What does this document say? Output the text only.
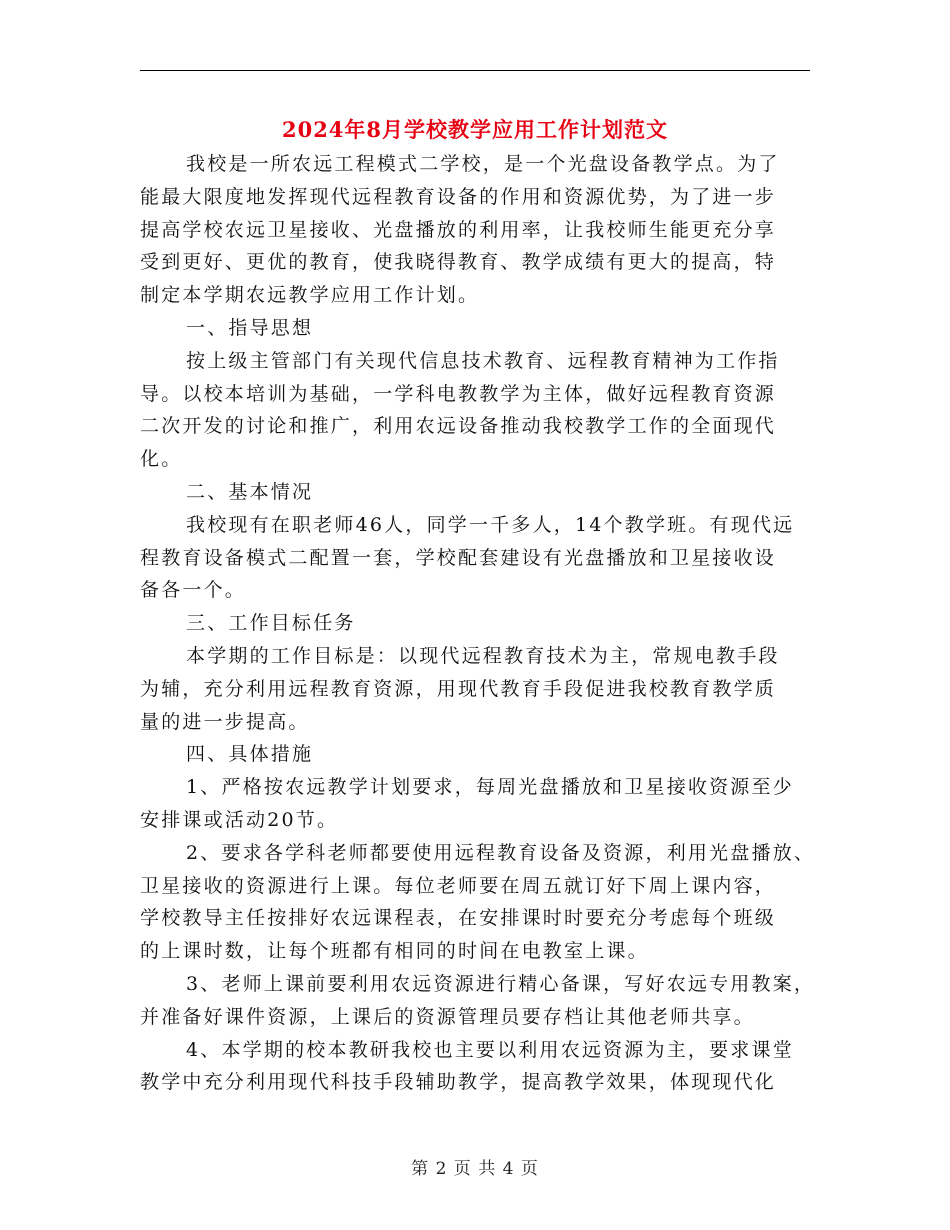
2024年8月学校教学应用工作计划范文
我校是一所农远工程模式二学校，是一个光盘设备教学点。为了
能最大限度地发挥现代远程教育设备的作用和资源优势，为了进一步
提高学校农远卫星接收、光盘播放的利用率，让我校师生能更充分享
受到更好、更优的教育，使我晓得教育、教学成绩有更大的提高，特
制定本学期农远教学应用工作计划。
一、指导思想
按上级主管部门有关现代信息技术教育、远程教育精神为工作指
导。以校本培训为基础，一学科电教教学为主体，做好远程教育资源
二次开发的讨论和推广，利用农远设备推动我校教学工作的全面现代
化。
二、基本情况
我校现有在职老师46人，同学一千多人，14个教学班。有现代远
程教育设备模式二配置一套，学校配套建设有光盘播放和卫星接收设
备各一个。
三、工作目标任务
本学期的工作目标是：以现代远程教育技术为主，常规电教手段
为辅，充分利用远程教育资源，用现代教育手段促进我校教育教学质
量的进一步提高。
四、具体措施
1、严格按农远教学计划要求，每周光盘播放和卫星接收资源至少
安排课或活动20节。
2、要求各学科老师都要使用远程教育设备及资源，利用光盘播放、
卫星接收的资源进行上课。每位老师要在周五就订好下周上课内容，
学校教导主任按排好农远课程表，在安排课时时要充分考虑每个班级
的上课时数，让每个班都有相同的时间在电教室上课。
3、老师上课前要利用农远资源进行精心备课，写好农远专用教案，
并准备好课件资源，上课后的资源管理员要存档让其他老师共享。
4、本学期的校本教研我校也主要以利用农远资源为主，要求课堂
教学中充分利用现代科技手段辅助教学，提高教学效果，体现现代化
第 2 页 共 4 页
